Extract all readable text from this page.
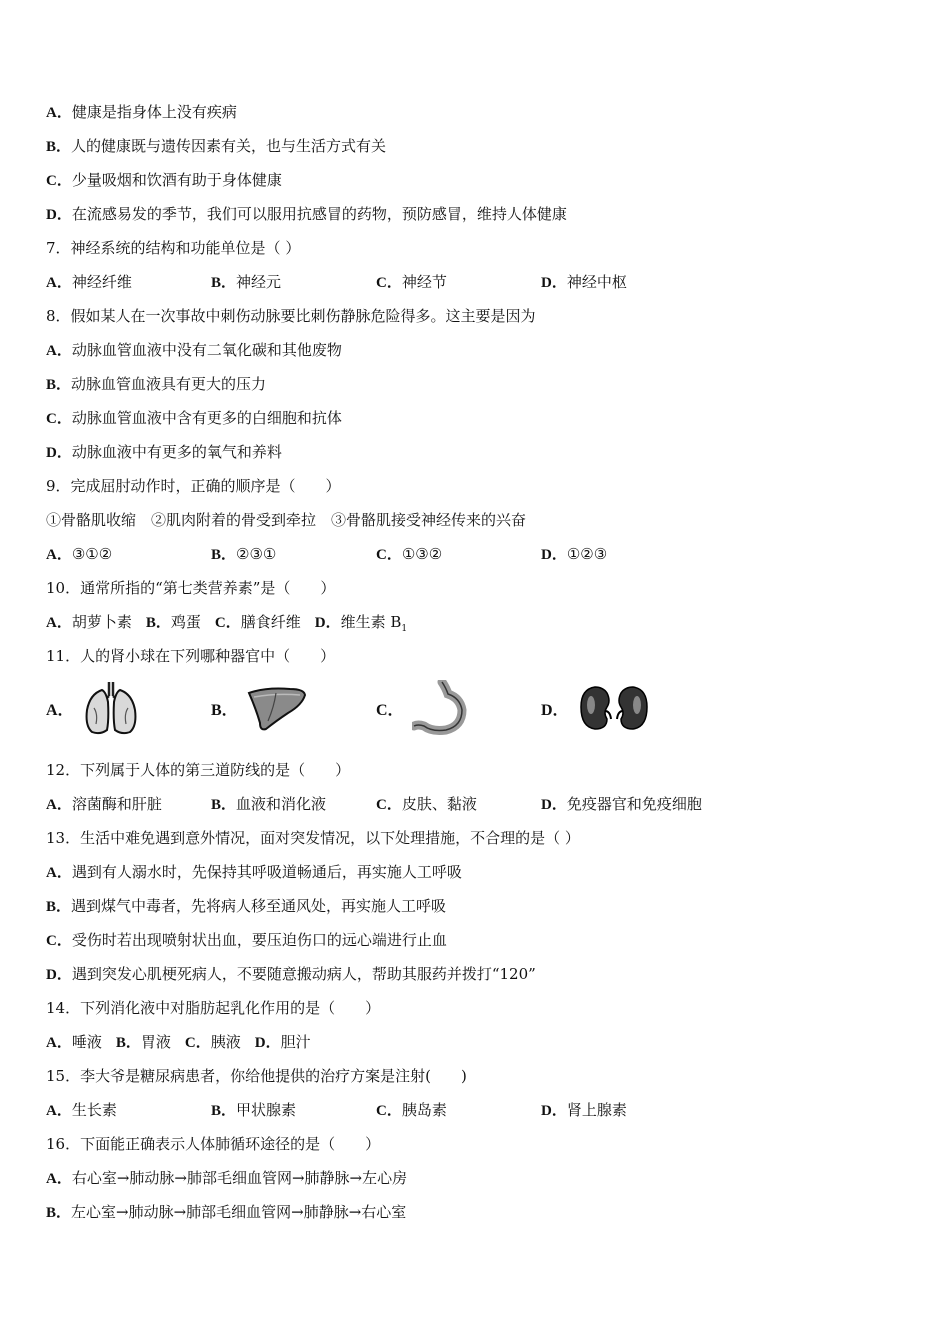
A．健康是指身体上没有疾病
B．人的健康既与遗传因素有关，也与生活方式有关
C．少量吸烟和饮酒有助于身体健康
D．在流感易发的季节，我们可以服用抗感冒的药物，预防感冒，维持人体健康
7．神经系统的结构和功能单位是（ ）
A．神经纤维	B．神经元	C．神经节	D．神经中枢
8．假如某人在一次事故中刺伤动脉要比刺伤静脉危险得多。这主要是因为
A．动脉血管血液中没有二氧化碳和其他废物
B．动脉血管血液具有更大的压力
C．动脉血管血液中含有更多的白细胞和抗体
D．动脉血液中有更多的氧气和养料
9．完成屈肘动作时，正确的顺序是（　　）
①骨骼肌收缩　②肌肉附着的骨受到牵拉　③骨骼肌接受神经传来的兴奋
A．③①②	B．②③①	C．①③②	D．①②③
10．通常所指的“第七类营养素”是（　　）
A．胡萝卜素 B．鸡蛋 C．膳食纤维 D．维生素 $B_1$
11．人的肾小球在下列哪种器官中（　　）
A．	B．	C．	D．
12．下列属于人体的第三道防线的是（　　）
A．溶菌酶和肝脏	B．血液和消化液	C．皮肤、黏液	D．免疫器官和免疫细胞
13．生活中难免遇到意外情况，面对突发情况，以下处理措施，不合理的是（ ）
A．遇到有人溺水时，先保持其呼吸道畅通后，再实施人工呼吸
B．遇到煤气中毒者，先将病人移至通风处，再实施人工呼吸
C．受伤时若出现喷射状出血，要压迫伤口的远心端进行止血
D．遇到突发心肌梗死病人，不要随意搬动病人，帮助其服药并拨打“120”
14．下列消化液中对脂肪起乳化作用的是（　　）
A．唾液 B．胃液 C．胰液 D．胆汁
15．李大爷是糖尿病患者，你给他提供的治疗方案是注射(　　)
A．生长素	B．甲状腺素	C．胰岛素	D．肾上腺素
16．下面能正确表示人体肺循环途径的是（　　）
A．右心室→肺动脉→肺部毛细血管网→肺静脉→左心房
B．左心室→肺动脉→肺部毛细血管网→肺静脉→右心室
